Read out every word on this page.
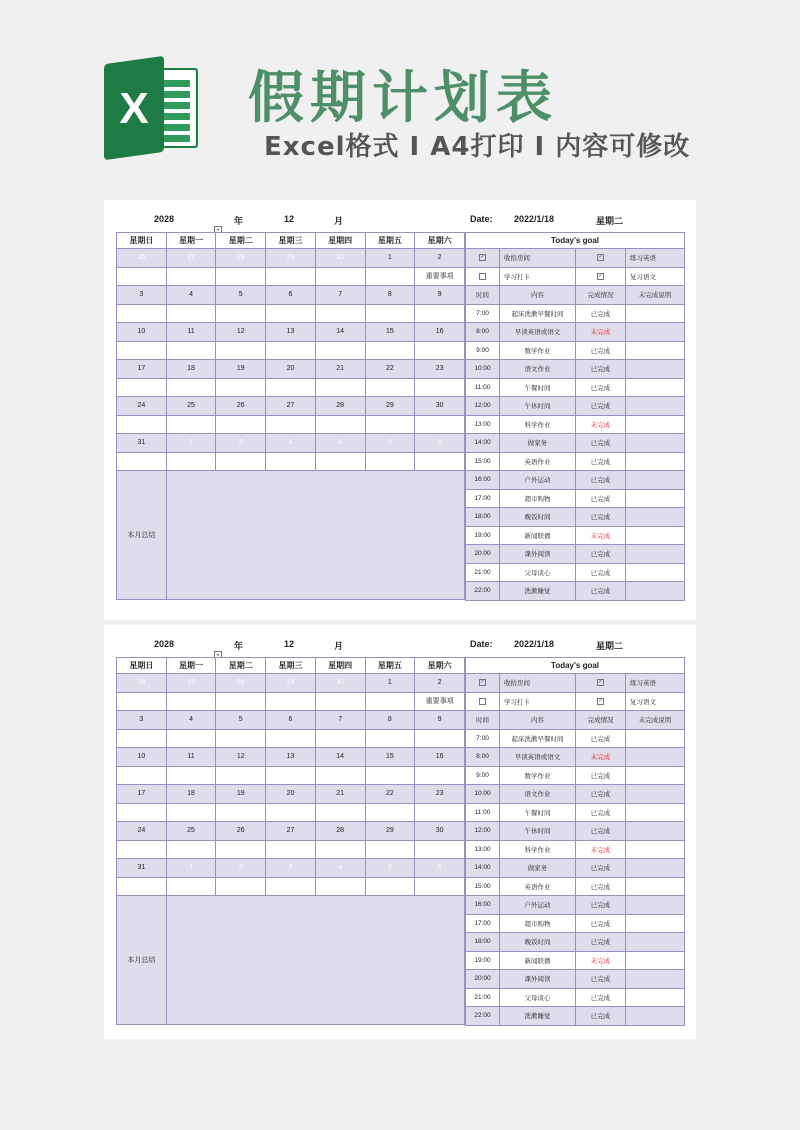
X 假期计划表
Excel格式 I A4打印 I 内容可修改
2028
▾
年	12	月	Date: 2022/1/18	星期二
星期日	星期一	星期二	星期三	星期四	星期五	星期六
26	27	28	29	30	1	2
						重要事项
3	4	5	6	7	8	9

10	11	12	13	14	15	16

17	18	19	20	21	22	23

24	25	26	27	28	29	30

31	1	2	3	4	5	6

本月总结						
Today's goal			
✓	收拾房间	✓	练习英语
	学习打卡	✓	复习语文
时间	内容	完成情况	未完成说明
7:00	起床洗漱早餐时间	已完成	
8:00	早读英语或语文	未完成	
9:00	数学作业	已完成	
10:00	语文作业	已完成	
11:00	午餐时间	已完成	
12:00	午休时间	已完成	
13:00	科学作业	未完成	
14:00	做家务	已完成	
15:00	英语作业	已完成	
16:00	户外运动	已完成	
17:00	超市购物	已完成	
18:00	晚饭时间	已完成	
19:00	新闻联播	未完成	
20:00	课外阅读	已完成	
21:00	父母谈心	已完成	
22:00	洗漱睡觉	已完成	
2028
▾
年	12	月	Date: 2022/1/18	星期二
星期日	星期一	星期二	星期三	星期四	星期五	星期六
26	27	28	29	30	1	2
						重要事项
3	4	5	6	7	8	9

10	11	12	13	14	15	16

17	18	19	20	21	22	23

24	25	26	27	28	29	30

31	1	2	3	4	5	6

本月总结						
Today's goal			
✓	收拾房间	✓	练习英语
	学习打卡	✓	复习语文
时间	内容	完成情况	未完成说明
7:00	起床洗漱早餐时间	已完成	
8:00	早读英语或语文	未完成	
9:00	数学作业	已完成	
10:00	语文作业	已完成	
11:00	午餐时间	已完成	
12:00	午休时间	已完成	
13:00	科学作业	未完成	
14:00	做家务	已完成	
15:00	英语作业	已完成	
16:00	户外运动	已完成	
17:00	超市购物	已完成	
18:00	晚饭时间	已完成	
19:00	新闻联播	未完成	
20:00	课外阅读	已完成	
21:00	父母谈心	已完成	
22:00	洗漱睡觉	已完成	
